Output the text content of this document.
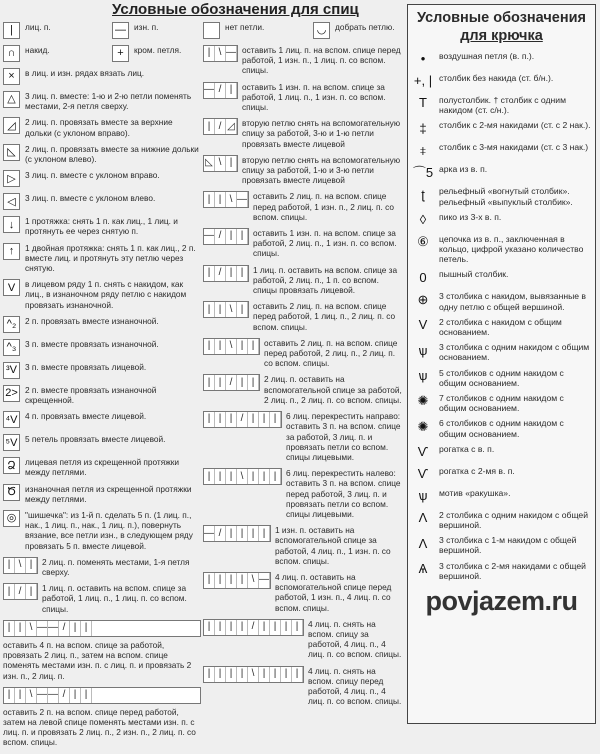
Условные обозначения для спиц
|	лиц. п.	— изн. п.
∩	накид.	+	кром. петля.
×	в лиц. и изн. рядах вязать лиц.
△	3 лиц. п. вместе: 1-ю и 2-ю петли поменять местами, 2-я петля сверху.
◿	2 лиц. п. провязать вместе за верхние дольки (с уклоном вправо).
◺	2 лиц. п. провязать вместе за нижние дольки (с уклоном влево).
▷	3 лиц. п. вместе с уклоном вправо.
◁	3 лиц. п. вместе с уклоном влево.
↓	1 протяжка: снять 1 п. как лиц., 1 лиц. и протянуть ее через снятую п.
↑	1 двойная протяжка: снять 1 п. как лиц., 2 п. вместе лиц. и протянуть эту петлю через снятую.
V	в лицевом ряду 1 п. снять с накидом, как лиц., в изнаночном ряду петлю с накидом провязать изнаночной.
^₂	2 п. провязать вместе изнаночной.
^₃	3 п. вместе провязать изнаночной.
³V 3 п. вместе провязать лицевой.
2> 2 п. вместе провязать изнаночной скрещенной.
⁴V 4 п. провязать вместе лицевой.
⁵V 5 петель провязать вместе лицевой.
Ձ	лицевая петля из скрещенной протяжки между петлями.
Ծ	изнаночная петля из скрещенной протяжки между петлями.
◎	"шишечка": из 1-й п. сделать 5 п. (1 лиц. п., нак., 1 лиц. п., нак., 1 лиц. п.), повернуть вязание, все петли изн., в следующем ряду провязать 5 п. вместе лицевой.
| \ |	2 лиц. п. поменять местами, 1-я петля сверху.
| / |	1 лиц. п. оставить на вспом. спице за работой, 1 лиц. п., 1 лиц. п. со вспом. спицы.
| | \ — — / | |
оставить 4 п. на вспом. спице за работой, провязать 2 лиц. п., затем на вспом. спице поменять местами изн. п. с лиц. п. и провязать 2 изн. п., 2 лиц. п.
| | \ — — / | |
оставить 2 п. на вспом. спице перед работой, затем на левой спице поменять местами изн. п. с лиц. п. и провязать 2 лиц. п., 2 изн. п., 2 лиц. п. со вспом. спицы.
нет петли.	◡	добрать петлю.
| \ — оставить 1 лиц. п. на вспом. спице перед работой, 1 изн. п., 1 лиц. п. со вспом. спицы.
— / |	оставить 1 изн. п. на вспом. спице за работой, 1 лиц. п., 1 изн. п. со вспом. спицы.
| / ◿ вторую петлю снять на вспомогательную спицу за работой, 3-ю и 1-ю петли провязать вместе лицевой
◺ \ |	вторую петлю снять на вспомогательную спицу за работой, 1-ю и 3-ю петли провязать вместе лицевой
| | \ — оставить 2 лиц. п. на вспом. спице перед работой, 1 изн. п., 2 лиц. п. со вспом. спицы.
— / | |	оставить 1 изн. п. на вспом. спице за работой, 2 лиц. п., 1 изн. п. со вспом. спицы.
| / | |	1 лиц. п. оставить на вспом. спице за работой, 2 лиц. п., 1 п. со вспом. спицы провязать лицевой.
| | \ |	оставить 2 лиц. п. на вспом. спице перед работой, 1 лиц. п., 2 лиц. п. со вспом. спицы.
| | \ | |	оставить 2 лиц. п. на вспом. спице перед работой, 2 лиц. п., 2 лиц. п. со вспом. спицы.
| | / | |	2 лиц. п. оставить на вспомогательной спице за работой, 2 лиц. п., 2 лиц. п. со вспом. спицы.
| | | / | | |	6 лиц. перекрестить направо: оставить 3 п. на вспом. спице за работой, 3 лиц. п. и провязать петли со вспом. спицы лицевыми.
| | | \ | | |	6 лиц. перекрестить налево: оставить 3 п. на вспом. спице перед работой, 3 лиц. п. и провязать петли со вспом. спицы лицевыми.
— / | | | |	1 изн. п. оставить на вспомогательной спице за работой, 4 лиц. п., 1 изн. п. со вспом. спицы.
| | | | \ — 4 лиц. п. оставить на вспомогательной спице перед работой, 1 изн. п., 4 лиц. п. со вспом. спицы.
| | | | / | | | |	4 лиц. п. снять на вспом. спицу за работой, 4 лиц. п., 4 лиц. п. со вспом. спицы.
| | | | \ | | | |	4 лиц. п. снять на вспом. спицу перед работой, 4 лиц. п., 4 лиц. п. со вспом. спицы.
Условные обозначения
для крючка
•	воздушная петля (в. п.).
+, | столбик без накида (ст. б/н.).
T	полустолбик. † столбик с одним накидом (ст. с/н.).
‡	столбик с 2-мя накидами (ст. с 2 нак.).
⧧	столбик с 3-мя накидами (ст. с 3 нак.)
⌒5 арка из в. п.
ʈ	рельефный «вогнутый столбик». рельефный «выпуклый столбик».
◊	пико из 3-х в. п.
⑥	цепочка из в. п., заключенная в кольцо, цифрой указано количество петель.
0	пышный столбик.
⊕	3 столбика с накидом, вывязанные в одну петлю с общей вершиной.
V	2 столбика с накидом с общим основанием.
ѱ	3 столбика с одним накидом с общим основанием.
ѱ	5 столбиков с одним накидом с общим основанием.
✺	7 столбиков с одним накидом с общим основанием.
✺	6 столбиков с одним накидом с общим основанием.
Ѵ	рогатка с в. п.
Ѵ	рогатка с 2-мя в. п.
ѱ	мотив «ракушка».
Λ	2 столбика с одним накидом с общей вершиной.
Λ	3 столбика с 1-м накидом с общей вершиной.
Ѧ	3 столбика с 2-мя накидами с общей вершиной.
povjazem.ru
